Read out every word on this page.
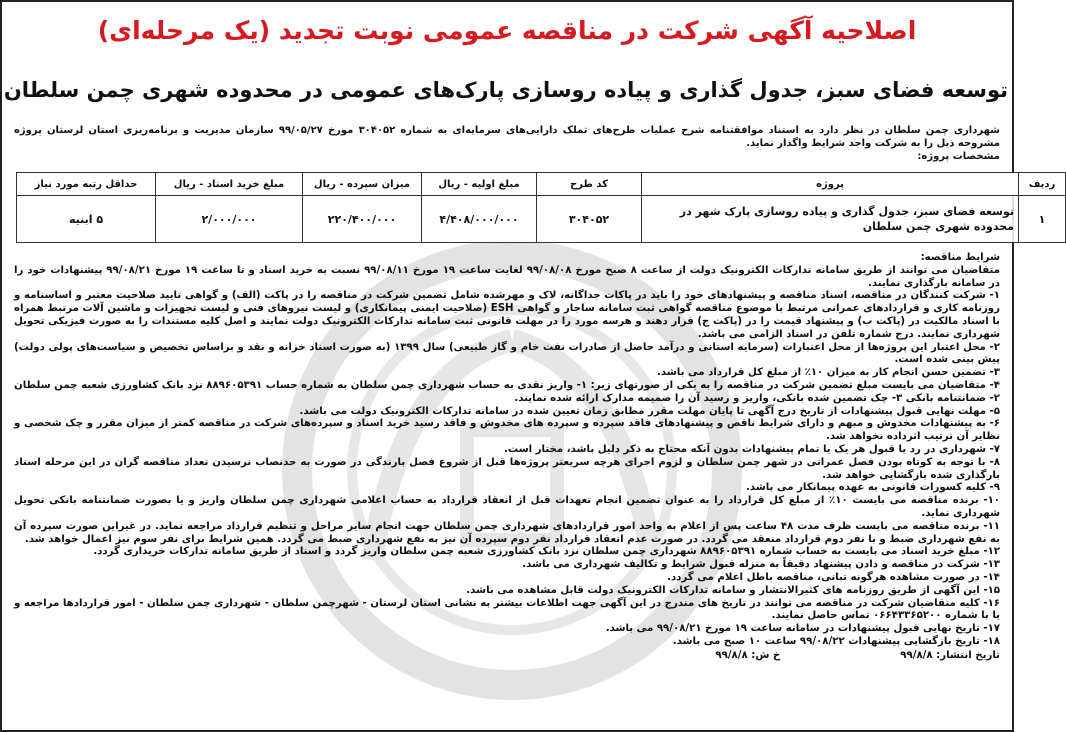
اصلاحیه آگهی شرکت در مناقصه عمومی نوبت تجدید (یک مرحله‌ای)
توسعه فضای سبز، جدول گذاری و پیاده روسازی پارک‌های عمومی در محدوده شهری چمن سلطان
شهرداری چمن سلطان در نظر دارد به استناد موافقتنامه شرح عملیات طرح‌های تملک دارایی‌های سرمایه‌ای به شماره ۳۰۴۰۵۲ مورخ ۹۹/۰۵/۲۷ سازمان مدیریت و برنامه‌ریزی استان لرستان پروژه مشروحه ذیل را به شرکت واجد شرایط واگذار نماید.
مشخصات پروژه:
ردیف	پروژه	کد طرح	مبلغ اولیه - ریال	میزان سپرده - ریال	مبلغ خرید اسناد - ریال	حداقل رتبه مورد نیاز
۱	توسعه فضای سبز، جدول گذاری و پیاده روسازی پارک شهر در محدوده شهری چمن سلطان	۳۰۴۰۵۲	۴/۴۰۸/۰۰۰/۰۰۰	۲۲۰/۴۰۰/۰۰۰	۲/۰۰۰/۰۰۰	۵ ابنیه
شرایط مناقصه:
متقاضیان می توانند از طریق سامانه تدارکات الکترونیک دولت از ساعت ۸ صبح مورخ ۹۹/۰۸/۰۸ لغایت ساعت ۱۹ مورخ ۹۹/۰۸/۱۱ نسبت به خرید اسناد و تا ساعت ۱۹ مورخ ۹۹/۰۸/۲۱ پیشنهادات خود را در سامانه بارگذاری نمایند.
۱- شرکت کنندگان در مناقصه، اسناد مناقصه و پیشنهادهای خود را باید در پاکات جداگانه، لاک و مهرشده شامل تضمین شرکت در مناقصه را در پاکت (الف) و گواهی تایید صلاحیت معتبر و اساسنامه و روزنامه کاری و قراردادهای عمرانی مرتبط با موضوع مناقصه گواهی ثبت سامانه ساجار و گواهی ESH (صلاحیت ایمنی پیمانکاری) و لیست نیروهای فنی و لیست تجهیزات و ماشین آلات مرتبط همراه با اسناد مالکیت در (پاکت ب) و پیشنهاد قیمت را در (پاکت ج) قرار دهند و هرسه مورد را در مهلت قانونی ثبت سامانه تدارکات الکترونیک دولت نمایند و اصل کلیه مستندات را به صورت فیزیکی تحویل شهرداری نمایند. درج شماره تلفن در اسناد الزامی می باشد.
۲- محل اعتبار این پروژه‌ها از محل اعتبارات (سرمایه استانی و درآمد حاصل از صادرات نفت خام و گاز طبیعی) سال ۱۳۹۹ (به صورت اسناد خزانه و نقد و براساس تخصیص و سیاست‌های پولی دولت) پیش بینی شده است.
۳- تضمین حسن انجام کار به میزان ۱۰٪ از مبلغ کل قرارداد می باشد.
۴- متقاضیان می بایست مبلغ تضمین شرکت در مناقصه را به یکی از صورتهای زیر: ۱- واریز نقدی به حساب شهرداری چمن سلطان به شماره حساب ۸۸۹۶۰۵۳۹۱ نزد بانک کشاورزی شعبه چمن سلطان ۲- ضمانتنامه بانکی ۳- چک تضمین شده بانکی، واریز و رسید آن را ضمیمه مدارک ارائه شده نمایند.
۵- مهلت نهایی قبول پیشنهادات از تاریخ درج آگهی تا پایان مهلت مقرر مطابق زمان تعیین شده در سامانه تدارکات الکترونیک دولت می باشد.
۶- به پیشنهادات مخدوش و مبهم و دارای شرایط ناقص و پیشنهادهای فاقد سپرده و سپرده های مخدوش و فاقد رسید خرید اسناد و سپرده‌های شرکت در مناقصه کمتر از میزان مقرر و چک شخصی و نظایر آن ترتیب اثرداده نخواهد شد.
۷- شهرداری در رد یا قبول هر یک یا تمام پیشنهادات بدون آنکه محتاج به ذکر دلیل باشد، مختار است.
۸- با توجه به کوتاه بودن فصل عمرانی در شهر چمن سلطان و لزوم اجرای هرچه سریعتر پروژه‌ها قبل از شروع فصل بارندگی در صورت به حدنصاب نرسیدن تعداد مناقصه گران در این مرحله اسناد بارگذاری شده بازگشایی خواهد شد.
۹- کلیه کسورات قانونی به عهده پیمانکار می باشد.
۱۰- برنده مناقصه می بایست ۱۰٪ از مبلغ کل قرارداد را به عنوان تضمین انجام تعهدات قبل از انعقاد قرارداد به حساب اعلامی شهرداری چمن سلطان واریز و یا بصورت ضمانتنامه بانکی تحویل شهرداری نماید.
۱۱- برنده مناقصه می بایست ظرف مدت ۴۸ ساعت پس از اعلام به واحد امور قراردادهای شهرداری چمن سلطان جهت انجام سایر مراحل و تنظیم قرارداد مراجعه نماید. در غیراین صورت سپرده آن به نفع شهرداری ضبط و با نفر دوم قرارداد منعقد می گردد. در صورت عدم انعقاد قرارداد نفر دوم سپرده آن نیز به نفع شهرداری ضبط می گردد. همین شرایط برای نفر سوم نیز اعمال خواهد شد.
۱۲- مبلغ خرید اسناد می بایست به حساب شماره ۸۸۹۶۰۵۳۹۱ شهرداری چمن سلطان نزد بانک کشاورزی شعبه چمن سلطان واریز گردد و اسناد از طریق سامانه تدارکات خریداری گردد.
۱۳- شرکت در مناقصه و دادن پیشنهاد دقیقاً به منزله قبول شرایط و تکالیف شهرداری می باشد.
۱۴- در صورت مشاهده هرگونه تبانی، مناقصه باطل اعلام می گردد.
۱۵- این آگهی از طریق روزنامه های کثیرالانتشار و سامانه تدارکات الکترونیک دولت قابل مشاهده می باشد.
۱۶- کلیه متقاضیان شرکت در مناقصه می توانند در تاریخ های مندرج در این آگهی جهت اطلاعات بیشتر به نشانی استان لرستان - شهرچمن سلطان - شهرداری چمن سلطان - امور قراردادها مراجعه و یا با شماره ۰۶۶۴۳۳۶۵۲۰۰ تماس حاصل نمایند.
۱۷- تاریخ نهایی قبول پیشنهادات در سامانه ساعت ۱۹ مورخ ۹۹/۰۸/۲۱ می باشد.
۱۸- تاریخ بازگشایی پیشنهادات ۹۹/۰۸/۲۲ ساعت ۱۰ صبح می باشد.
تاریخ انتشار: ۹۹/۸/۸
خ ش: ۹۹/۸/۸
